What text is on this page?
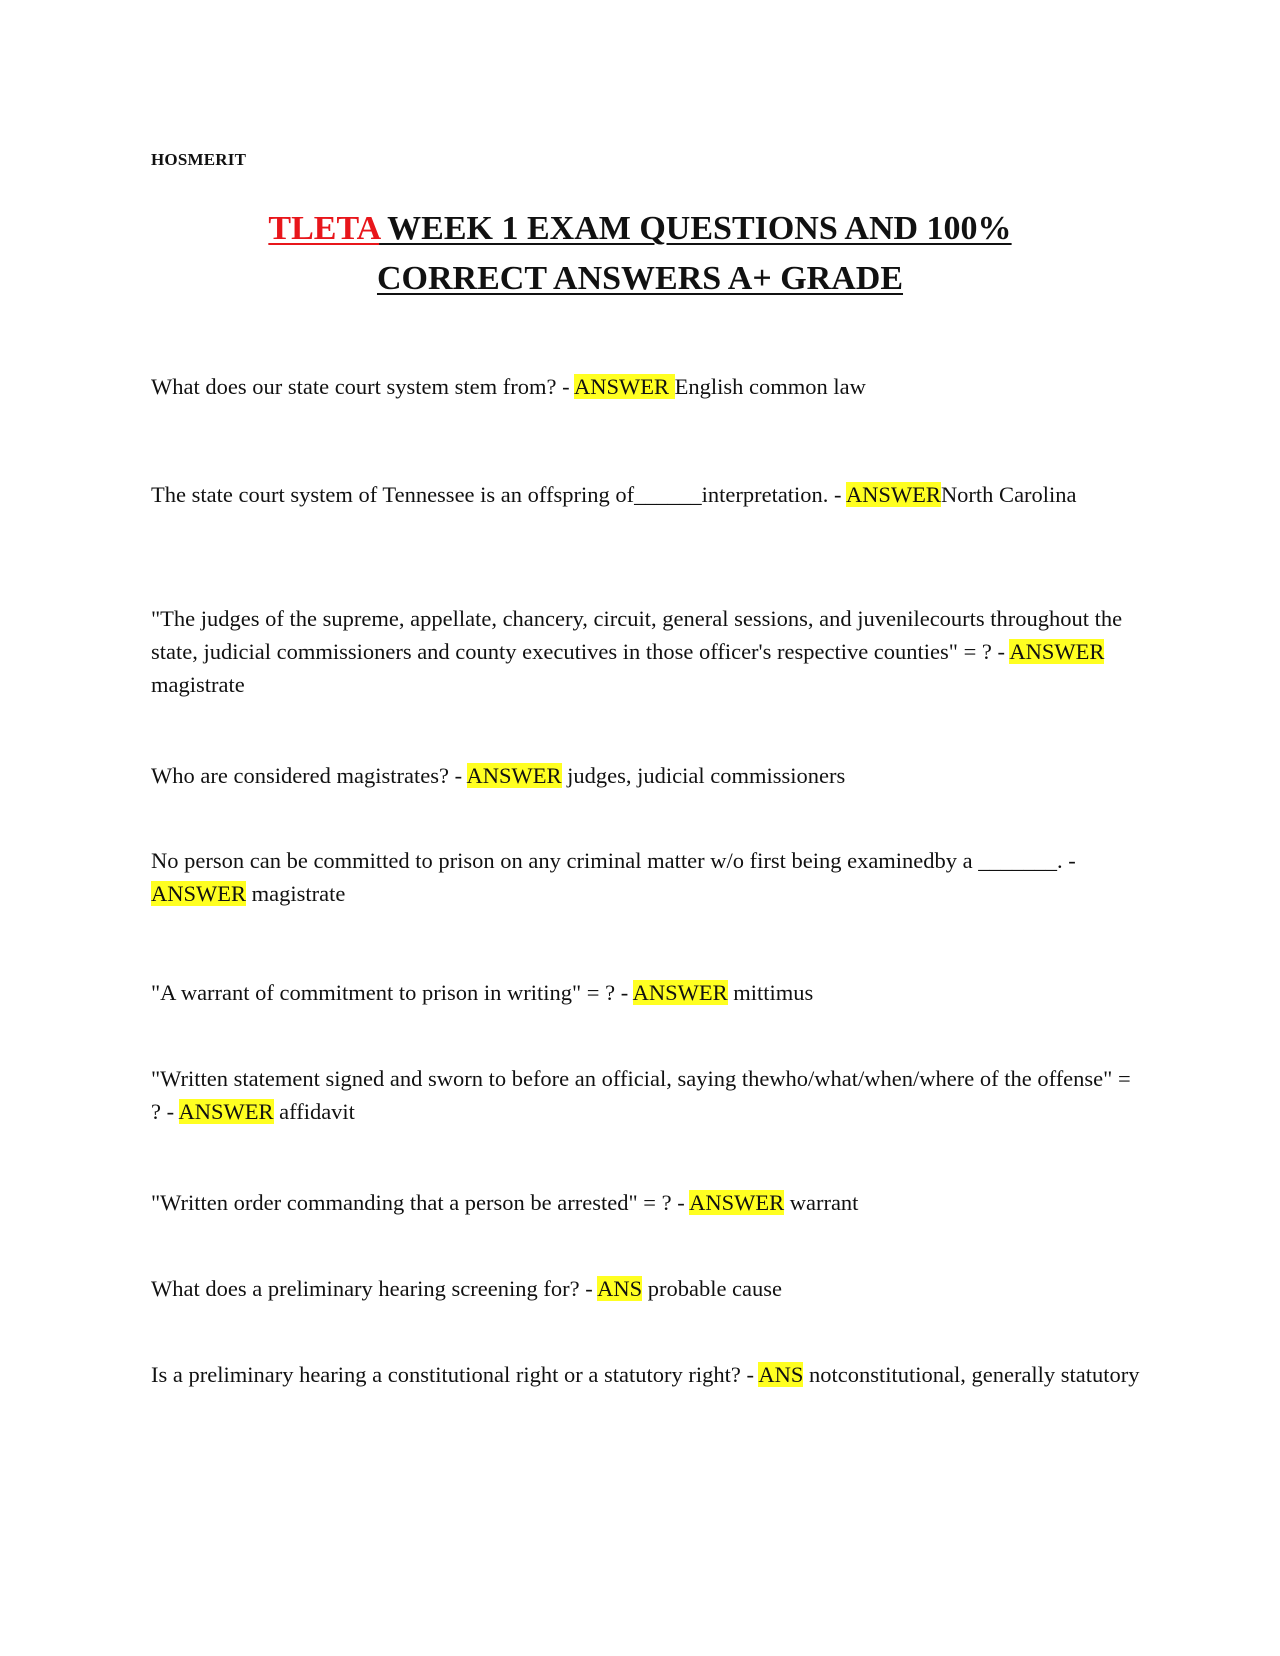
HOSMERIT
TLETA WEEK 1 EXAM QUESTIONS AND 100%
CORRECT ANSWERS A+ GRADE

What does our state court system stem from? - ANSWER English common law

The state court system of Tennessee is an offspring of______interpretation. - ANSWERNorth Carolina

"The judges of the supreme, appellate, chancery, circuit, general sessions, and juvenilecourts throughout the state, judicial commissioners and county executives in those officer's respective counties" = ? - ANSWER magistrate

Who are considered magistrates? - ANSWER judges, judicial commissioners

No person can be committed to prison on any criminal matter w/o first being examinedby a _______. - ANSWER magistrate

"A warrant of commitment to prison in writing" = ? - ANSWER mittimus

"Written statement signed and sworn to before an official, saying thewho/what/when/where of the offense" = ? - ANSWER affidavit

"Written order commanding that a person be arrested" = ? - ANSWER warrant

What does a preliminary hearing screening for? - ANS probable cause

Is a preliminary hearing a constitutional right or a statutory right? - ANS notconstitutional, generally statutory
